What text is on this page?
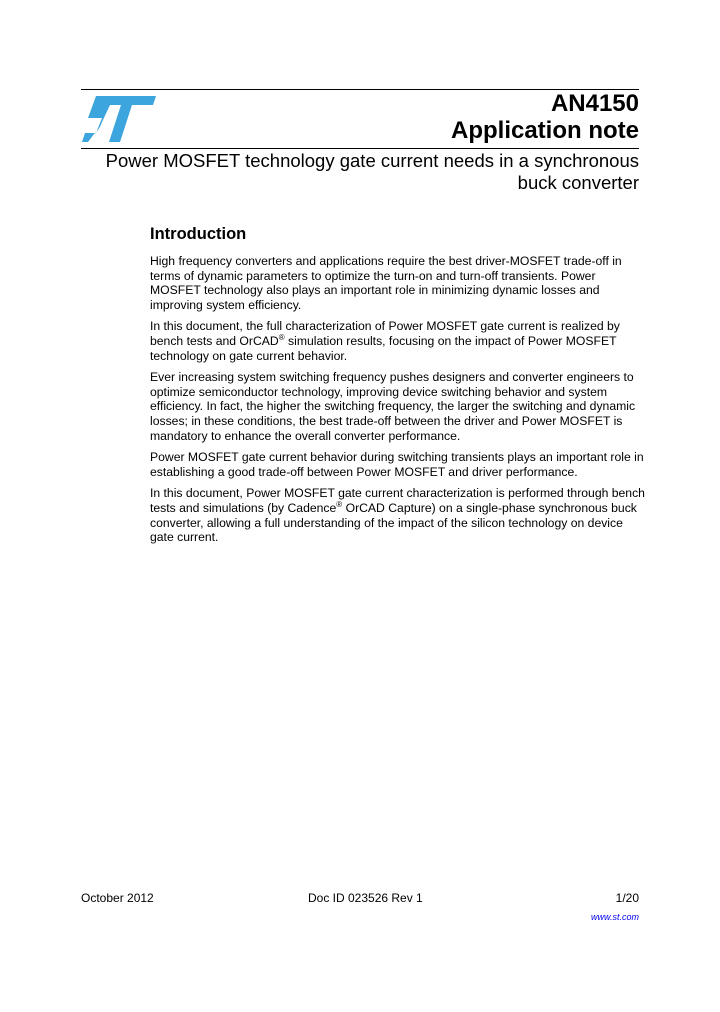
AN4150
Application note
Power MOSFET technology gate current needs in a synchronous
buck converter
Introduction
High frequency converters and applications require the best driver-MOSFET trade-off in
terms of dynamic parameters to optimize the turn-on and turn-off transients. Power
MOSFET technology also plays an important role in minimizing dynamic losses and
improving system efficiency.
In this document, the full characterization of Power MOSFET gate current is realized by
bench tests and OrCAD® simulation results, focusing on the impact of Power MOSFET
technology on gate current behavior.
Ever increasing system switching frequency pushes designers and converter engineers to
optimize semiconductor technology, improving device switching behavior and system
efficiency. In fact, the higher the switching frequency, the larger the switching and dynamic
losses; in these conditions, the best trade-off between the driver and Power MOSFET is
mandatory to enhance the overall converter performance.
Power MOSFET gate current behavior during switching transients plays an important role in
establishing a good trade-off between Power MOSFET and driver performance.
In this document, Power MOSFET gate current characterization is performed through bench
tests and simulations (by Cadence® OrCAD Capture) on a single-phase synchronous buck
converter, allowing a full understanding of the impact of the silicon technology on device
gate current.
October 2012	Doc ID 023526 Rev 1	1/20
www.st.com
